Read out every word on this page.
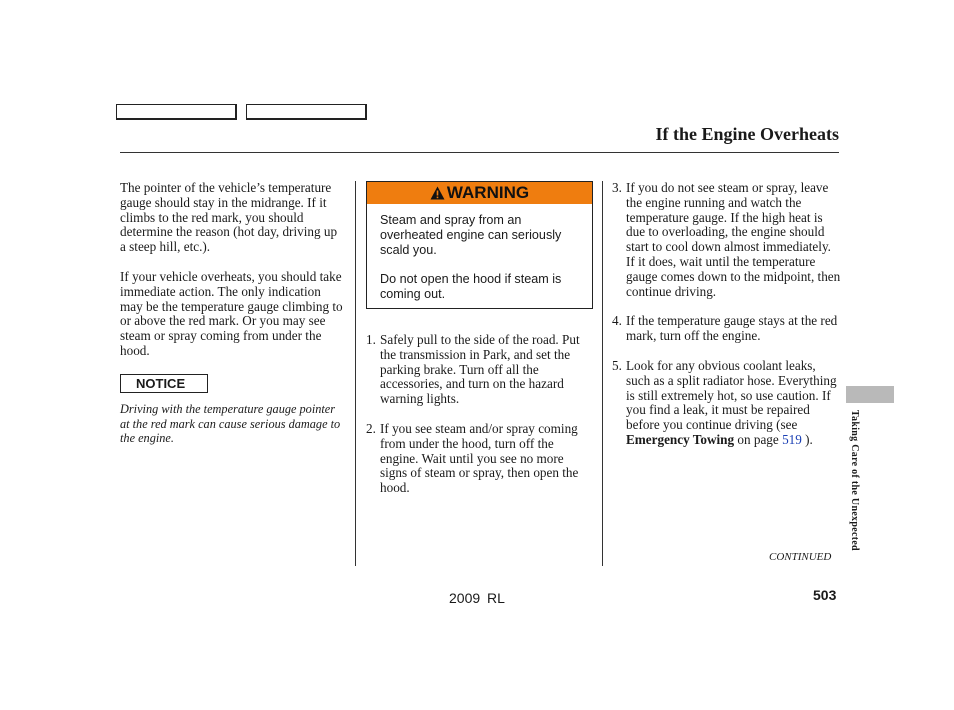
If the Engine Overheats

The pointer of the vehicle’s temperature gauge should stay in the midrange. If it climbs to the red mark, you should determine the reason (hot day, driving up a steep hill, etc.).

If your vehicle overheats, you should take immediate action. The only indication may be the temperature gauge climbing to or above the red mark. Or you may see steam or spray coming from under the hood.

NOTICE
Driving with the temperature gauge pointer at the red mark can cause serious damage to the engine.
WARNING
Steam and spray from an overheated engine can seriously scald you.
Do not open the hood if steam is coming out.
1. Safely pull to the side of the road. Put the transmission in Park, and set the parking brake. Turn off all the accessories, and turn on the hazard warning lights.
2. If you see steam and/or spray coming from under the hood, turn off the engine. Wait until you see no more signs of steam or spray, then open the hood.
3. If you do not see steam or spray, leave the engine running and watch the temperature gauge. If the high heat is due to overloading, the engine should start to cool down almost immediately. If it does, wait until the temperature gauge comes down to the midpoint, then continue driving.
4. If the temperature gauge stays at the red mark, turn off the engine.
5. Look for any obvious coolant leaks, such as a split radiator hose. Everything is still extremely hot, so use caution. If you find a leak, it must be repaired before you continue driving (see Emergency Towing on page 519 ).	Taking Care of the Unexpected
CONTINUED
2009 RL	503
